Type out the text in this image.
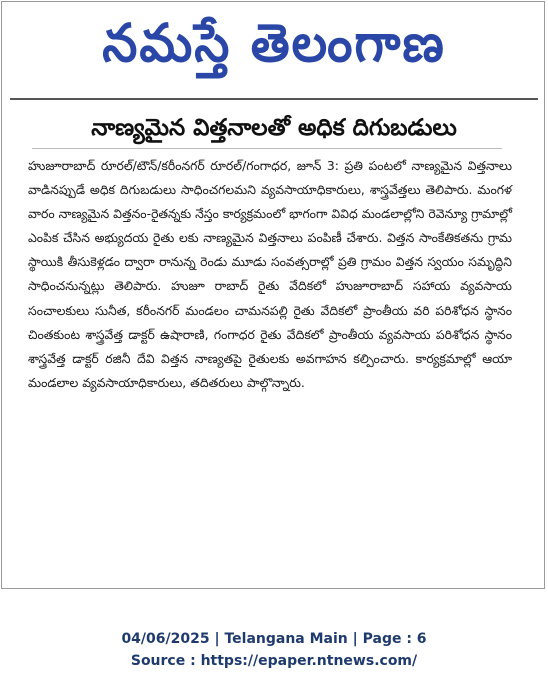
నమస్తే తెలంగాణ
నాణ్యమైన విత్తనాలతో అధిక దిగుబడులు

హుజూరాబాద్ రూరల్/టౌన్/కరీంనగర్ రూరల్/గంగాధర, జూన్ 3: ప్రతి పంటలో నాణ్యమైన విత్తనాలు వాడినప్పుడే అధిక దిగుబడులు సాధించగలమని వ్యవసాయాధికారులు, శాస్త్రవేత్తలు తెలిపారు. మంగళ వారం నాణ్యమైన విత్తనం-రైతన్నకు నేస్తం కార్యక్రమంలో భాగంగా వివిధ మండలాల్లోని రెవెన్యూ గ్రామాల్లో ఎంపిక చేసిన అభ్యుదయ రైతు లకు నాణ్యమైన విత్తనాలు పంపిణీ చేశారు. విత్తన సాంకేతికతను గ్రామ స్థాయికి తీసుకెళ్లడం ద్వారా రానున్న రెండు మూడు సంవత్సరాల్లో ప్రతి గ్రామం విత్తన స్వయం సమృద్ధిని సాధించనున్నట్లు తెలిపారు. హుజూ రాబాద్ రైతు వేదికలో హుజూరాబాద్ సహాయ వ్యవసాయ సంచాలకులు సునీత, కరీంనగర్ మండలం చామనపల్లి రైతు వేదికలో ప్రాంతీయ వరి పరిశోధన స్థానం చింతకుంట శాస్త్రవేత్త డాక్టర్ ఉషారాణి, గంగాధర రైతు వేదికలో ప్రాంతీయ వ్యవసాయ పరిశోధన స్థానం శాస్త్రవేత్త డాక్టర్ రజినీ దేవి విత్తన నాణ్యతపై రైతులకు అవగాహన కల్పించారు. కార్యక్రమాల్లో ఆయా మండలాల వ్యవసాయాధికారులు, తదితరులు పాల్గొన్నారు.

04/06/2025 | Telangana Main | Page : 6
Source : https://epaper.ntnews.com/
